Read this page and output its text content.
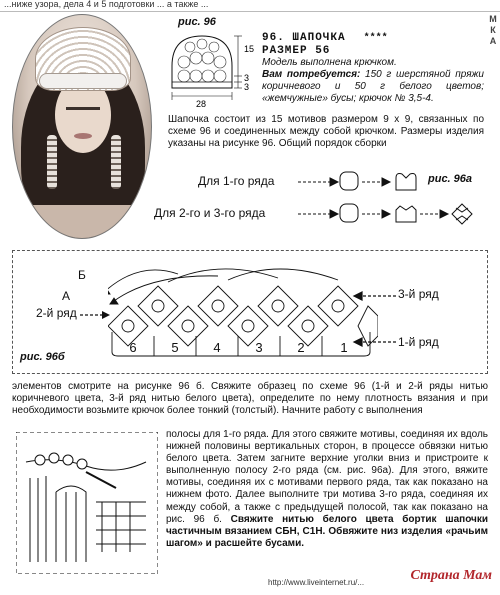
...ниже узора, дела 4 и 5 подготовки ... а также ...
М
К
А
рис. 96
15
3
3
28
96. ШАПОЧКА ****
РАЗМЕР 56
Модель выполнена крючком.
Вам потребуется: 150 г шерстяной пряжи коричневого и 50 г белого цветов; «жемчужные» бусы; крючок № 3,5-4.
Шапочка состоит из 15 мотивов размером 9 х 9, связанных по схеме 96 и соединенных между собой крючком. Размеры изделия указаны на рисунке 96. Общий порядок сборки
Для 1-го ряда
Для 2-го и 3-го ряда
рис. 96а
Б
А
2-й ряд
3-й ряд
1-й ряд
6	5	4	3	2	1
рис. 96б
элементов смотрите на рисунке 96 б. Свяжите образец по схеме 96 (1-й и 2-й ряды нитью коричневого цвета, 3-й ряд нитью белого цвета), определите по нему плотность вязания и при необходимости возьмите крючок более тонкий (толстый). Начните работу с выполнения
полосы для 1-го ряда. Для этого свяжите мотивы, соединяя их вдоль нижней половины вертикальных сторон, в процессе обвязки нитью белого цвета. Затем загните верхние уголки вниз и пристроите к выполненную полосу 2-го ряда (см. рис. 96а). Для этого, вяжите мотивы, соединяя их с мотивами первого ряда, так как показано на нижнем фото. Далее выполните три мотива 3-го ряда, соединяя их между собой, а также с предыдущей полосой, так как показано на рис. 96 б. Свяжите нитью белого цвета бортик шапочки частичным вязанием СБН, С1Н. Обвяжите низ изделия «рачьим шагом» и расшейте бусами.
http://www.liveinternet.ru/...	Страна Мам
